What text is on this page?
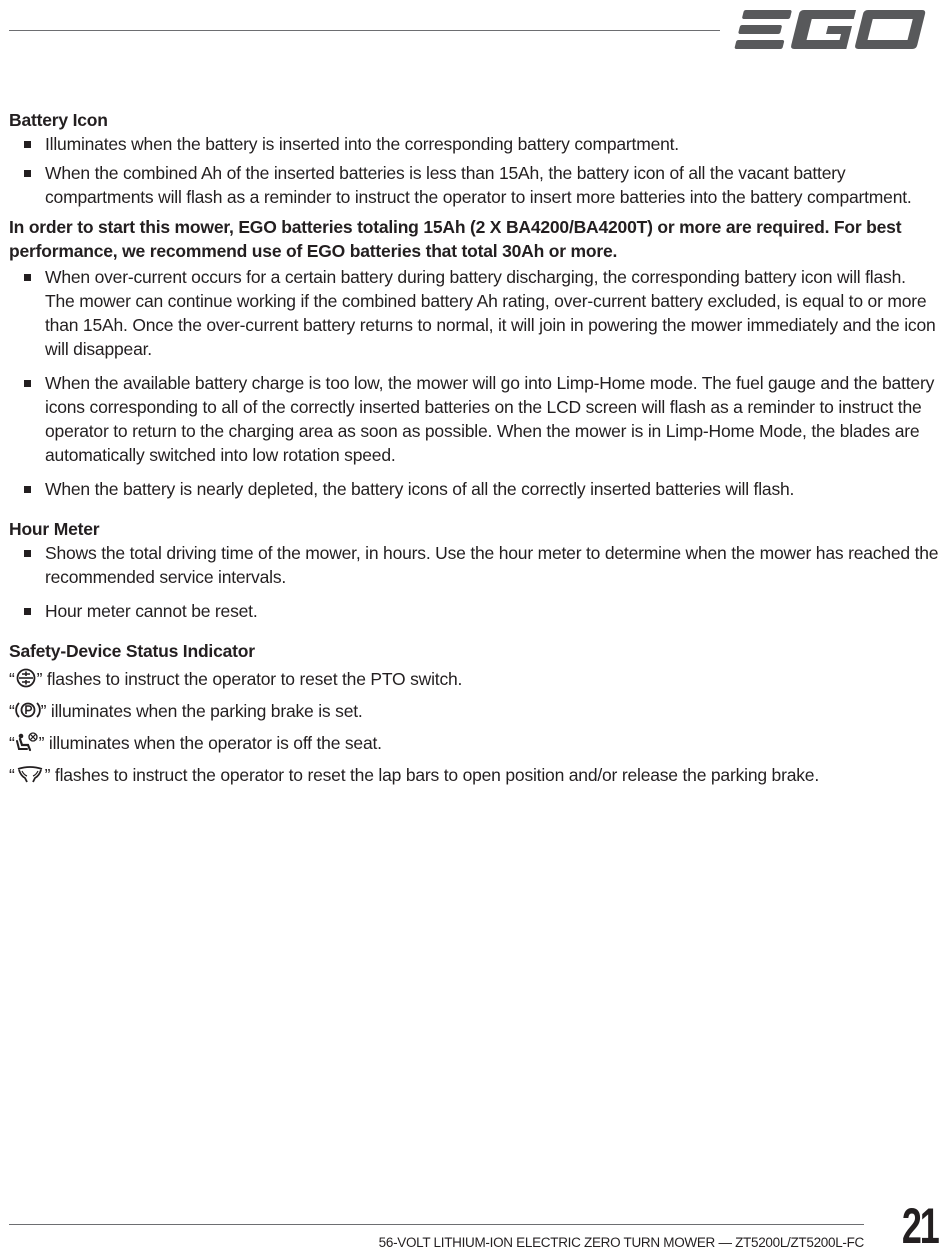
Battery Icon

Illuminates when the battery is inserted into the corresponding battery compartment.
When the combined Ah of the inserted batteries is less than 15Ah, the battery icon of all the vacant battery compartments will flash as a reminder to instruct the operator to insert more batteries into the battery compartment.

In order to start this mower, EGO batteries totaling 15Ah (2 X BA4200/BA4200T) or more are required. For best performance, we recommend use of EGO batteries that total 30Ah or more.

When over-current occurs for a certain battery during battery discharging, the corresponding battery icon will flash. The mower can continue working if the combined battery Ah rating, over-current battery excluded, is equal to or more than 15Ah. Once the over-current battery returns to normal, it will join in powering the mower immediately and the icon will disappear.
When the available battery charge is too low, the mower will go into Limp-Home mode. The fuel gauge and the battery icons corresponding to all of the correctly inserted batteries on the LCD screen will flash as a reminder to instruct the operator to return to the charging area as soon as possible. When the mower is in Limp-Home Mode, the blades are automatically switched into low rotation speed.
When the battery is nearly depleted, the battery icons of all the correctly inserted batteries will flash.

Hour Meter

Shows the total driving time of the mower, in hours. Use the hour meter to determine when the mower has reached the recommended service intervals.
Hour meter cannot be reset.

Safety-Device Status Indicator

“ ” flashes to instruct the operator to reset the PTO switch.

“ ” illuminates when the parking brake is set.

“ ” illuminates when the operator is off the seat.

“ ” flashes to instruct the operator to reset the lap bars to open position and/or release the parking brake.

56-VOLT LITHIUM-ION ELECTRIC ZERO TURN MOWER — ZT5200L/ZT5200L-FC 21
